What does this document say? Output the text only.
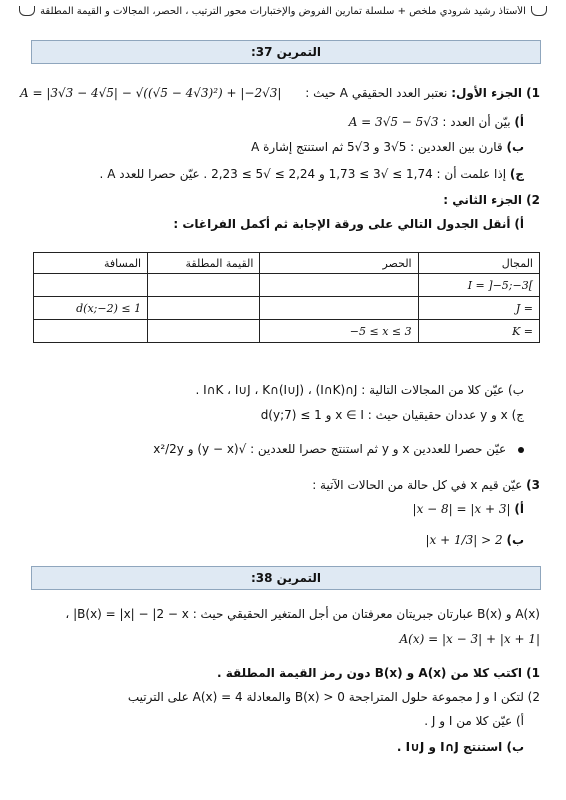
الأستاذ رشيد شرودي ملخص + سلسلة تمارين الفروض والإختبارات محور الترتيب ، الحصر، المجالات و القيمة المطلقة
التمرين 37:
1) الجزء الأول: نعتبر العدد الحقيقي A حيث :
A = |3√3 − 4√5| − √((√5 − 4√3)²) + |−2√3|
أ) بيّن أن العدد : A = 3√5 − 5√3
ب) قارن بين العددين : 5√3 و 3√5 ثم استنتج إشارة A
ج) إذا علمت أن : 1,74 ≥ √3 ≥ 1,73 و 2,24 ≥ √5 ≥ 2,23 . عيّن حصرا للعدد A .
2) الجزء الثاني :
أ) أنقل الجدول التالي على ورقة الإجابة ثم أكمل الفراغات :
المجال	الحصر	القيمة المطلقة	المسافة
I = ]−5;−3[			
J =			d(x;−2) ≤ 1
K =	−5 ≤ x ≤ 3		
ب) عيّن كلا من المجالات التالية : I∩K ، I∪J ، K∩(I∪J) ، (I∩K)∩J .
ج) x و y عددان حقيقيان حيث : x ∈ I و d(y;7) ≤ 1
عيّن حصرا للعددين x و y ثم استنتج حصرا للعددين : √(y − x) و x²/2y
3) عيّن قيم x في كل حالة من الحالات الآتية :
أ) |x − 8| = |x + 3|
ب) |x + 1/3| > 2
التمرين 38:
A(x) و B(x) عبارتان جبريتان معرفتان من أجل المتغير الحقيقي حيث : B(x) = |x| − |2 − x| ،
A(x) = |x − 3| + |x + 1|
1) اكتب كلا من A(x) و B(x) دون رمز القيمة المطلقة .
2) لتكن I و J مجموعة حلول المتراجحة B(x) > 0 والمعادلة A(x) = 4 على الترتيب
أ) عيّن كلا من I و J .
ب) استنتج I∩J و I∪J .
